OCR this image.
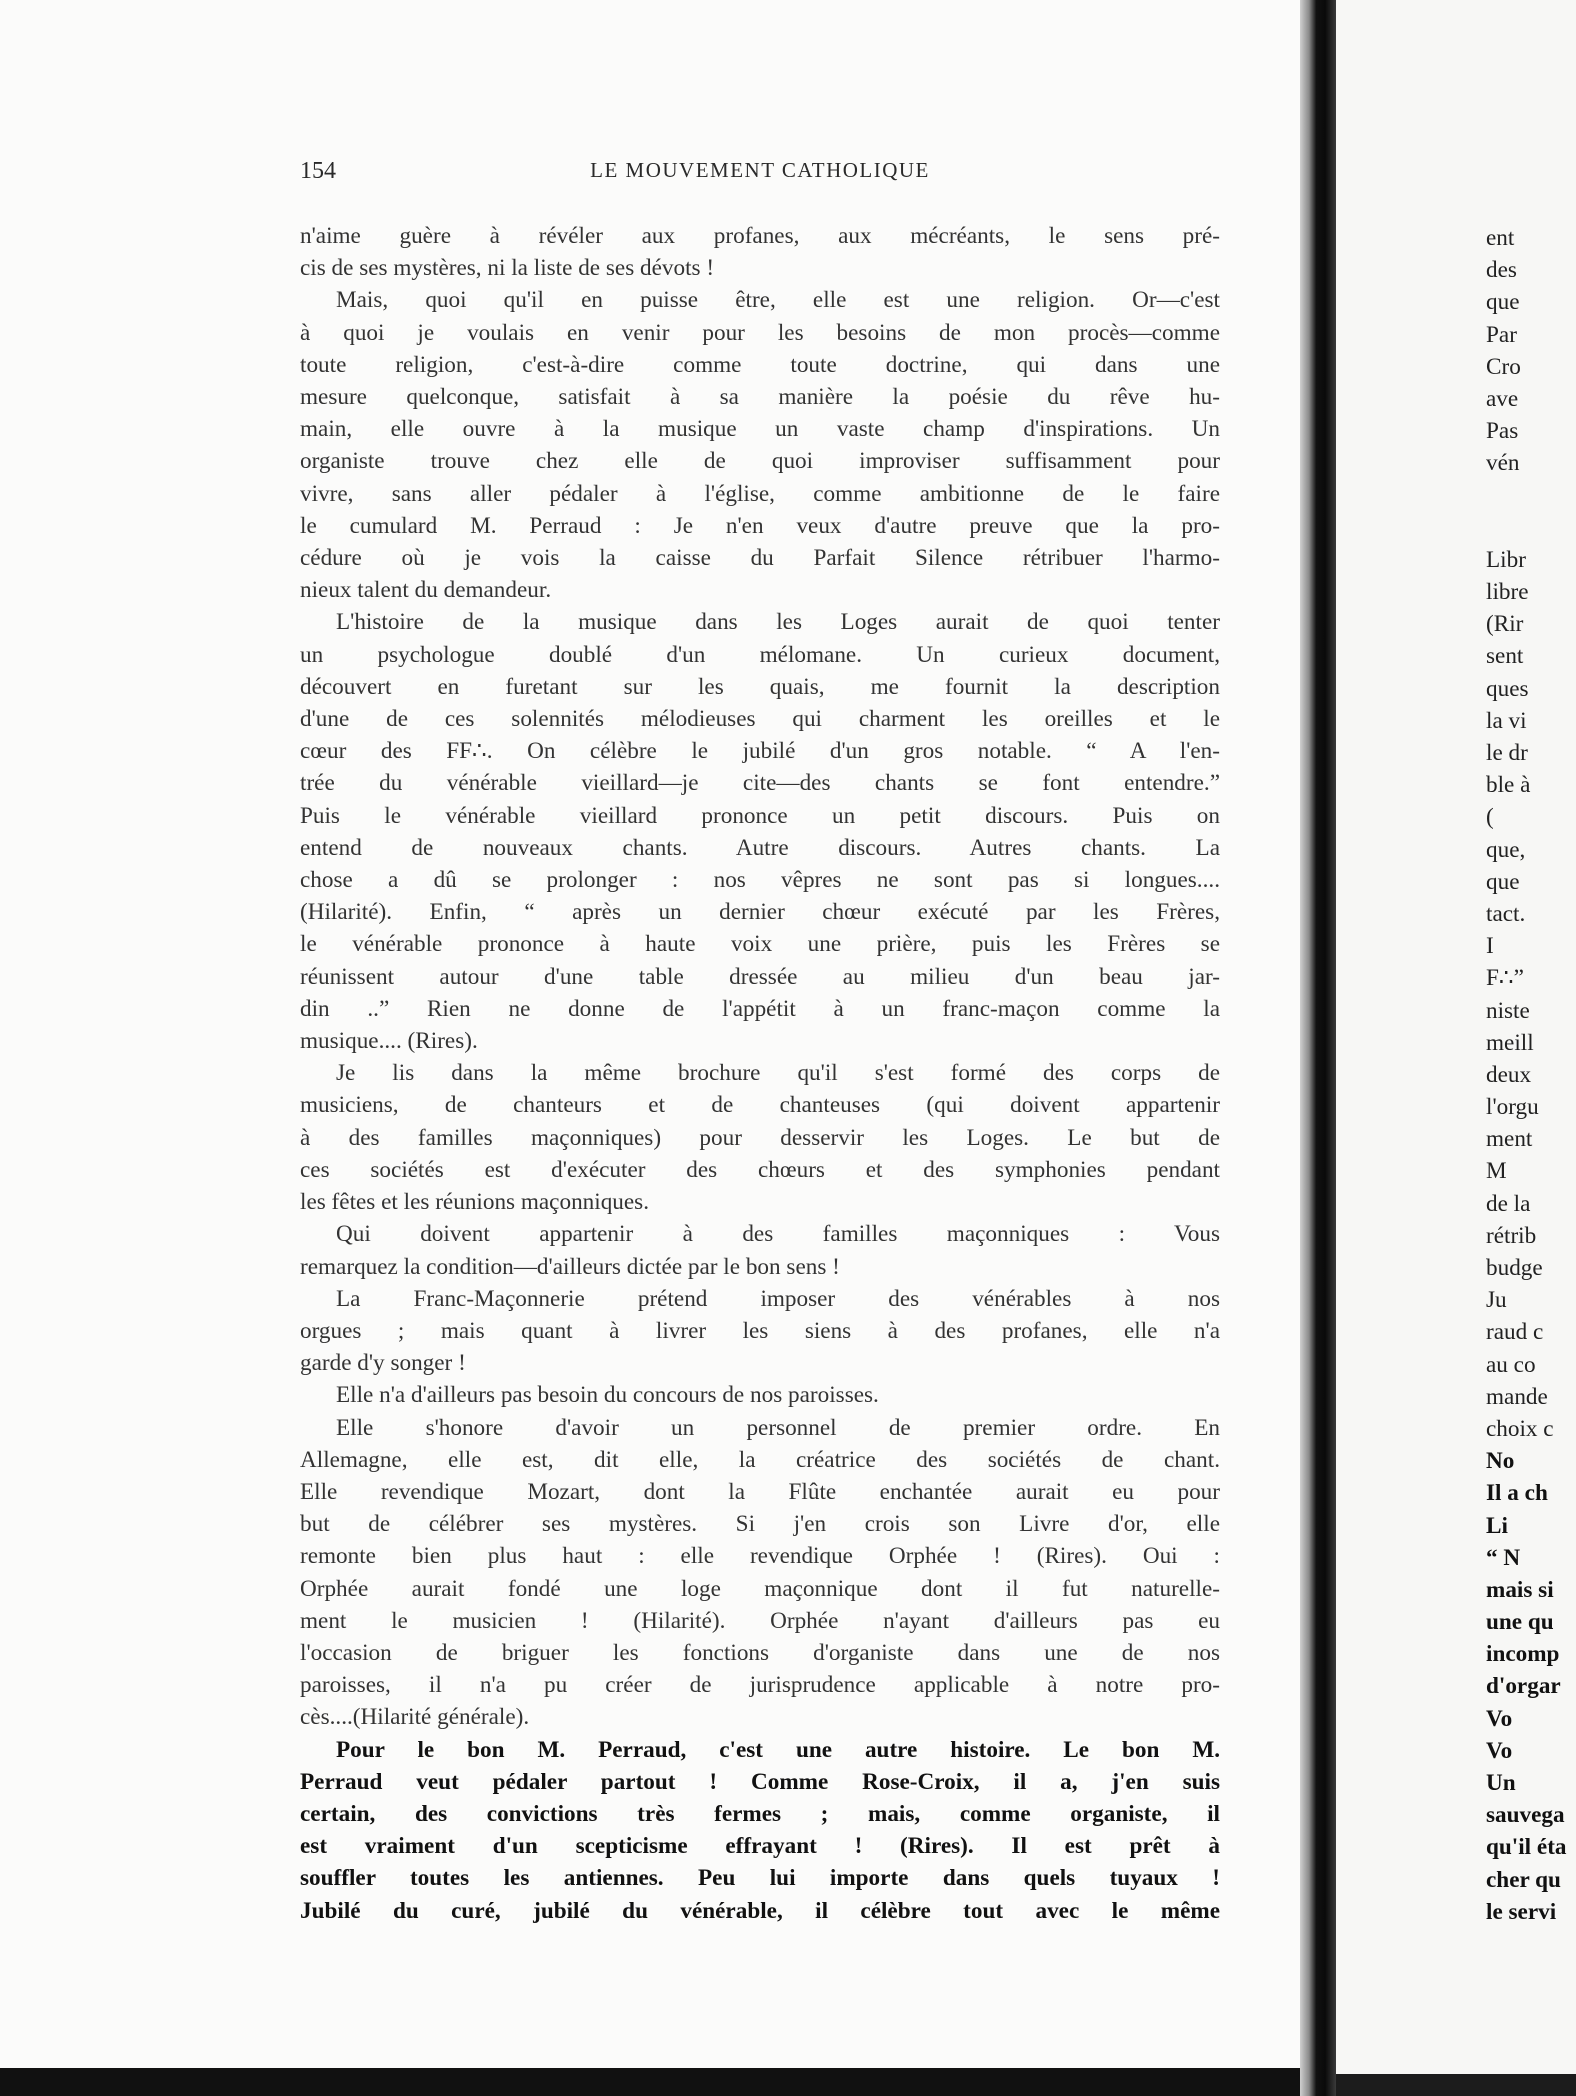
154	LE MOUVEMENT CATHOLIQUE
n'aime guère à révéler aux profanes, aux mécréants, le sens pré-
cis de ses mystères, ni la liste de ses dévots !
Mais, quoi qu'il en puisse être, elle est une religion. Or—c'est
à quoi je voulais en venir pour les besoins de mon procès—comme
toute religion, c'est-à-dire comme toute doctrine, qui dans une
mesure quelconque, satisfait à sa manière la poésie du rêve hu-
main, elle ouvre à la musique un vaste champ d'inspirations. Un
organiste trouve chez elle de quoi improviser suffisamment pour
vivre, sans aller pédaler à l'église, comme ambitionne de le faire
le cumulard M. Perraud : Je n'en veux d'autre preuve que la pro-
cédure où je vois la caisse du Parfait Silence rétribuer l'harmo-
nieux talent du demandeur.
L'histoire de la musique dans les Loges aurait de quoi tenter
un psychologue doublé d'un mélomane. Un curieux document,
découvert en furetant sur les quais, me fournit la description
d'une de ces solennités mélodieuses qui charment les oreilles et le
cœur des FF∴. On célèbre le jubilé d'un gros notable. “ A l'en-
trée du vénérable vieillard—je cite—des chants se font entendre.”
Puis le vénérable vieillard prononce un petit discours. Puis on
entend de nouveaux chants. Autre discours. Autres chants. La
chose a dû se prolonger : nos vêpres ne sont pas si longues....
(Hilarité). Enfin, “ après un dernier chœur exécuté par les Frères,
le vénérable prononce à haute voix une prière, puis les Frères se
réunissent autour d'une table dressée au milieu d'un beau jar-
din ..” Rien ne donne de l'appétit à un franc-maçon comme la
musique.... (Rires).
Je lis dans la même brochure qu'il s'est formé des corps de
musiciens, de chanteurs et de chanteuses (qui doivent appartenir
à des familles maçonniques) pour desservir les Loges. Le but de
ces sociétés est d'exécuter des chœurs et des symphonies pendant
les fêtes et les réunions maçonniques.
Qui doivent appartenir à des familles maçonniques : Vous
remarquez la condition—d'ailleurs dictée par le bon sens !
La Franc-Maçonnerie prétend imposer des vénérables à nos
orgues ; mais quant à livrer les siens à des profanes, elle n'a
garde d'y songer !
Elle n'a d'ailleurs pas besoin du concours de nos paroisses.
Elle s'honore d'avoir un personnel de premier ordre. En
Allemagne, elle est, dit elle, la créatrice des sociétés de chant.
Elle revendique Mozart, dont la Flûte enchantée aurait eu pour
but de célébrer ses mystères. Si j'en crois son Livre d'or, elle
remonte bien plus haut : elle revendique Orphée ! (Rires). Oui :
Orphée aurait fondé une loge maçonnique dont il fut naturelle-
ment le musicien ! (Hilarité). Orphée n'ayant d'ailleurs pas eu
l'occasion de briguer les fonctions d'organiste dans une de nos
paroisses, il n'a pu créer de jurisprudence applicable à notre pro-
cès....(Hilarité générale).
Pour le bon M. Perraud, c'est une autre histoire. Le bon M.
Perraud veut pédaler partout ! Comme Rose-Croix, il a, j'en suis
certain, des convictions très fermes ; mais, comme organiste, il
est vraiment d'un scepticisme effrayant ! (Rires). Il est prêt à
souffler toutes les antiennes. Peu lui importe dans quels tuyaux !
Jubilé du curé, jubilé du vénérable, il célèbre tout avec le même
ent
des
que
Par
Cro
ave
Pas
vén
Libr
libre
(Rir
sent
ques
la vi
le dr
ble à
(
que,
que
tact.
I
F∴”
niste
meill
deux
l'orgu
ment
M
de la
rétrib
budge
Ju
raud c
au co
mande
choix c
No
Il a ch
Li
“ N
mais si
une qu
incomp
d'orgar
Vo
Vo
Un
sauvega
qu'il éta
cher qu
le servi
